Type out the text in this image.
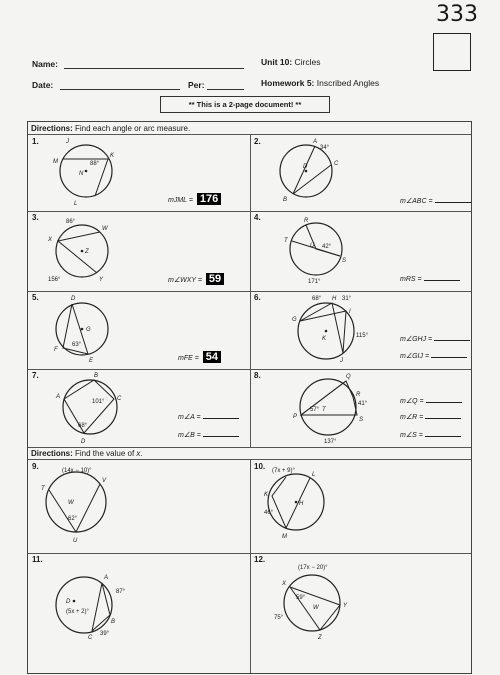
333
Name:
Date:	Per:
Unit 10: Circles
Homework 5: Inscribed Angles
** This is a 2-page document! **
Directions: Find each angle or arc measure.
1.	J
K
M
N
L
88°
mJML = 176
2.	A
C
D
B
34°
m∠ABC =
3.
W
X
Z
Y
86°
156°	m∠WXY = 59
4.	R
T
U
S
42°
171°	mRS =
5.	D
G
F
E
63°
mFE = 54
6.	H
G
K
I
J
68°	31°
115°	m∠GHJ =
m∠GIJ =
7.
A
B
C
D
101°
68°
m∠A =
m∠B =
8.	Q
R
P
T
S
41°
137°
57°
m∠Q =
m∠R =
m∠S =
Directions: Find the value of x.
9.
T
V
W
U
(14x − 10)°
62°
10.
L
K
H
M
(7x + 9)°
46°
11.
A
D
C
B
87°
(5x + 2)°
39°
12.
X
Y
W
Z
(17x − 20)°
59°
75°
